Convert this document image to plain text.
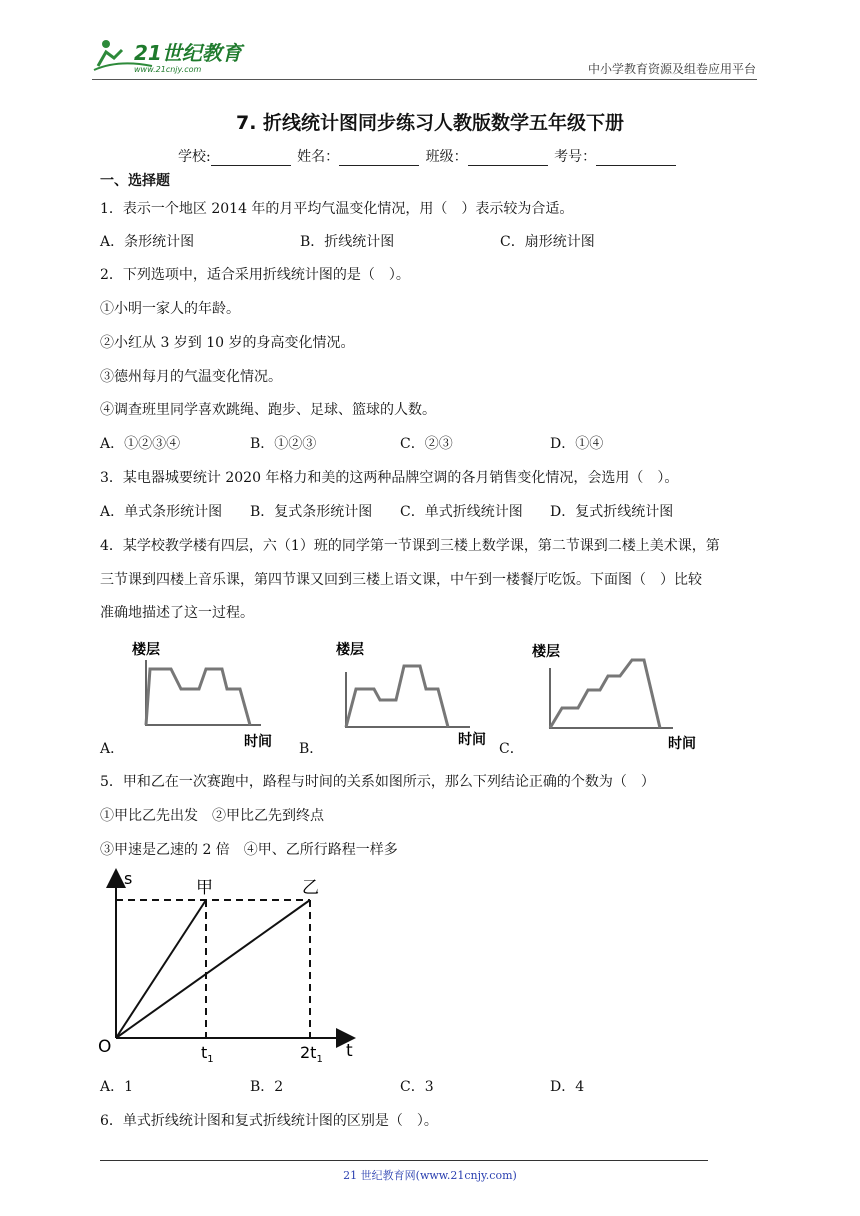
21世纪教育
www.21cnjy.com	中小学教育资源及组卷应用平台
7. 折线统计图同步练习人教版数学五年级下册
学校:	姓名：	班级：	考号：
一、选择题
1．表示一个地区 2014 年的月平均气温变化情况，用（　）表示较为合适。
A．条形统计图	B．折线统计图	C．扇形统计图
2．下列选项中，适合采用折线统计图的是（　）。
①小明一家人的年龄。
②小红从 3 岁到 10 岁的身高变化情况。
③德州每月的气温变化情况。
④调查班里同学喜欢跳绳、跑步、足球、篮球的人数。
A．①②③④	B．①②③	C．②③	D．①④
3．某电器城要统计 2020 年格力和美的这两种品牌空调的各月销售变化情况，会选用（　）。
A．单式条形统计图 B．复式条形统计图 C．单式折线统计图 D．复式折线统计图
4．某学校教学楼有四层，六（1）班的同学第一节课到三楼上数学课，第二节课到二楼上美术课，第
三节课到四楼上音乐课，第四节课又回到三楼上语文课，中午到一楼餐厅吃饭。下面图（　）比较
准确地描述了这一过程。
A．
楼层
时间 B．
楼层
时间
C．
楼层
时间
5．甲和乙在一次赛跑中，路程与时间的关系如图所示，那么下列结论正确的个数为（　）
①甲比乙先出发　②甲比乙先到终点
③甲速是乙速的 2 倍　④甲、乙所行路程一样多
s	甲	乙
O	$t_1$	$2t_1$ t
A．1	B．2	C．3	D．4
6．单式折线统计图和复式折线统计图的区别是（　）。
21 世纪教育网(www.21cnjy.com)
